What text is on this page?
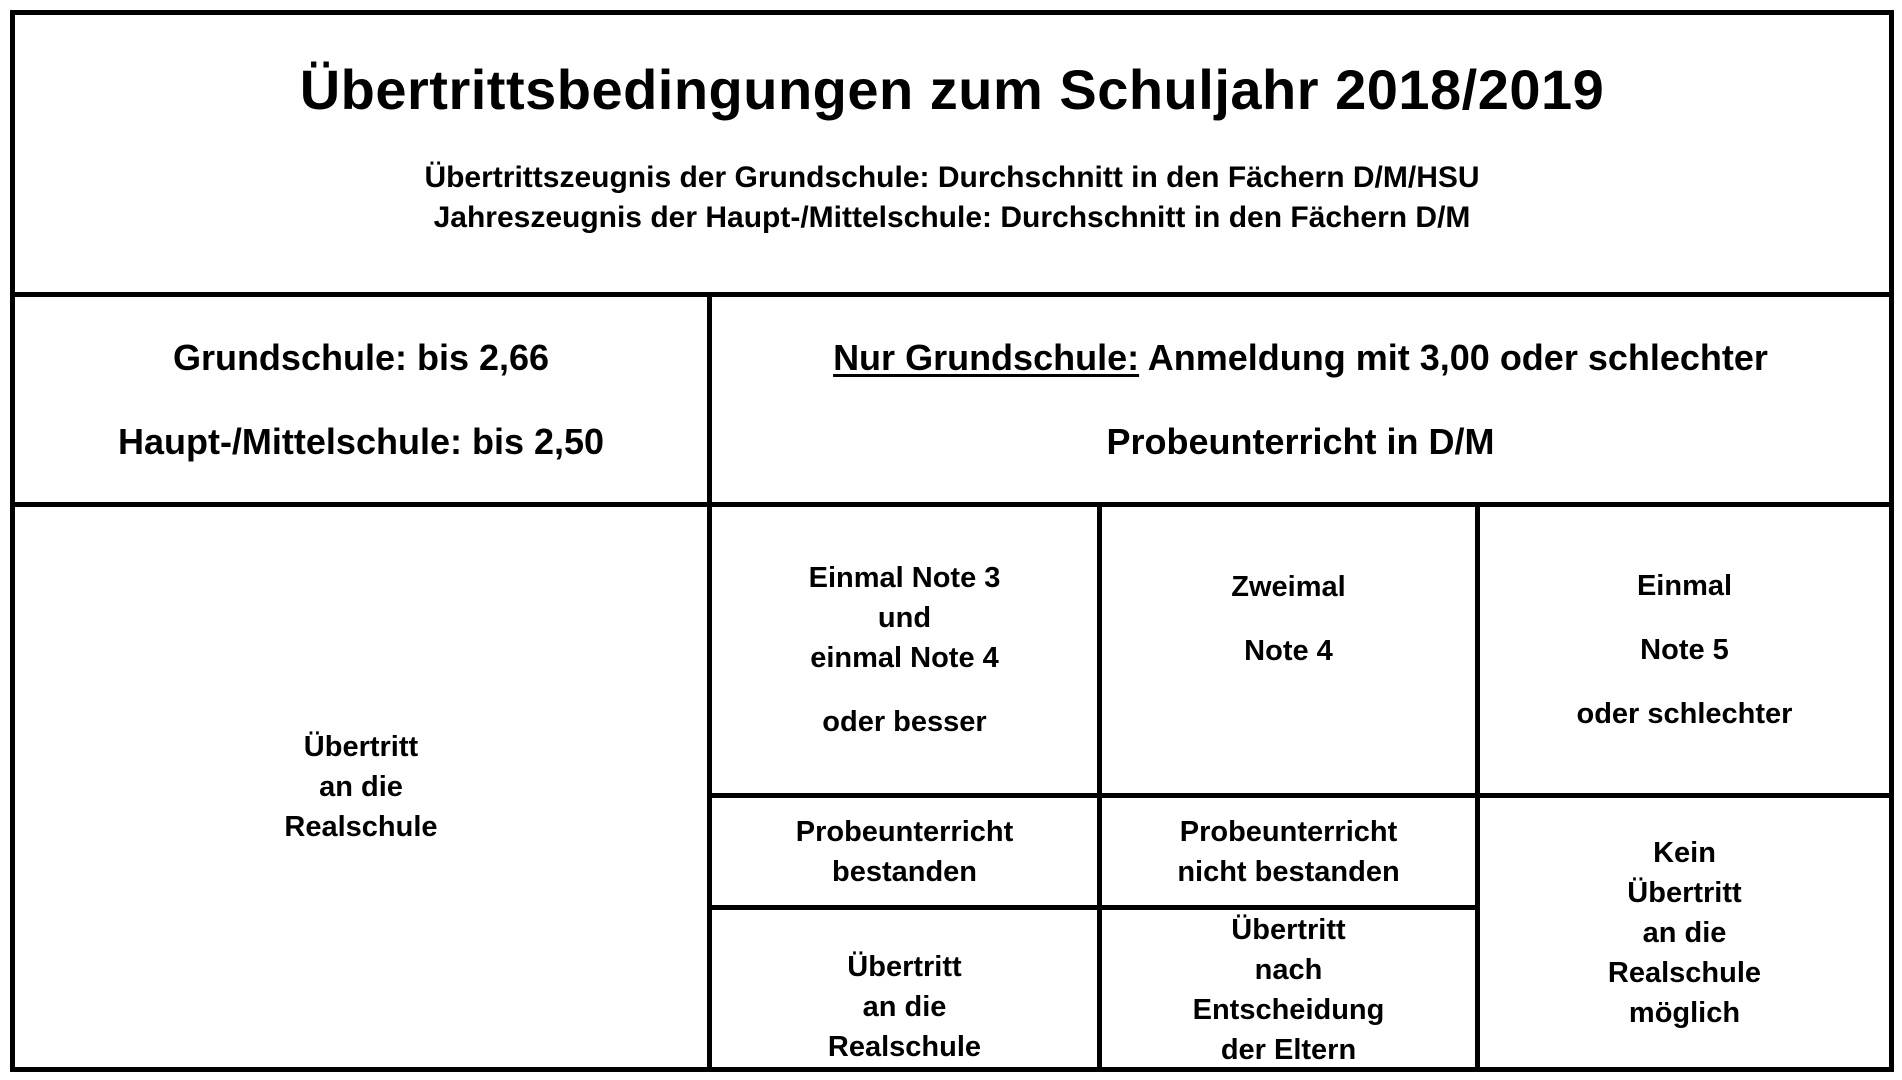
Übertrittsbedingungen zum Schuljahr 2018/2019
Übertrittszeugnis der Grundschule: Durchschnitt in den Fächern D/M/HSU
Jahreszeugnis der Haupt-/Mittelschule: Durchschnitt in den Fächern D/M
Grundschule: bis 2,66
Haupt-/Mittelschule: bis 2,50
Nur Grundschule: Anmeldung mit 3,00 oder schlechter
Probeunterricht in D/M
Übertritt
an die
Realschule
Einmal Note 3
und
einmal Note 4
oder besser
Zweimal
Note 4
Einmal
Note 5
oder schlechter
Probeunterricht
bestanden
Probeunterricht
nicht bestanden
Übertritt
an die
Realschule
Übertritt
nach
Entscheidung
der Eltern
Kein
Übertritt
an die
Realschule
möglich
